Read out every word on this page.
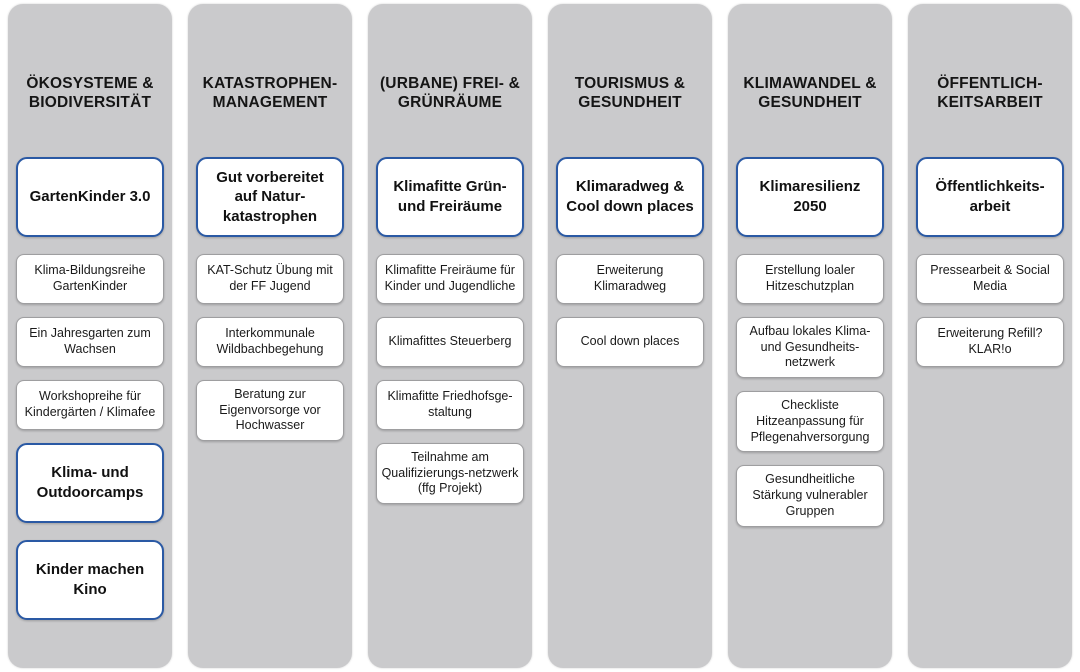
ÖKOSYSTEME & BIODIVERSITÄT
GartenKinder 3.0
Klima-Bildungsreihe GartenKinder
Ein Jahresgarten zum Wachsen
Workshopreihe für Kindergärten / Klimafee
Klima- und Outdoorcamps
Kinder machen Kino
KATASTROPHEN-MANAGEMENT
Gut vorbereitet auf Natur-katastrophen
KAT-Schutz Übung mit der FF Jugend
Interkommunale Wildbachbegehung
Beratung zur Eigenvorsorge vor Hochwasser
(URBANE) FREI- & GRÜNRÄUME
Klimafitte Grün- und Freiräume
Klimafitte Freiräume für Kinder und Jugendliche
Klimafittes Steuerberg
Klimafitte Friedhofsgestaltung
Teilnahme am Qualifizierungs-netzwerk (ffg Projekt)
TOURISMUS & GESUNDHEIT
Klimaradweg & Cool down places
Erweiterung Klimaradweg
Cool down places
KLIMAWANDEL & GESUNDHEIT
Klimaresilienz 2050
Erstellung loaler Hitzeschutzplan
Aufbau lokales Klima- und Gesundheits-netzwerk
Checkliste Hitzeanpassung für Pflegenahversorgung
Gesundheitliche Stärkung vulnerabler Gruppen
ÖFFENTLICH-KEITSARBEIT
Öffentlichkeits-arbeit
Pressearbeit & Social Media
Erweiterung Refill? KLAR!o
